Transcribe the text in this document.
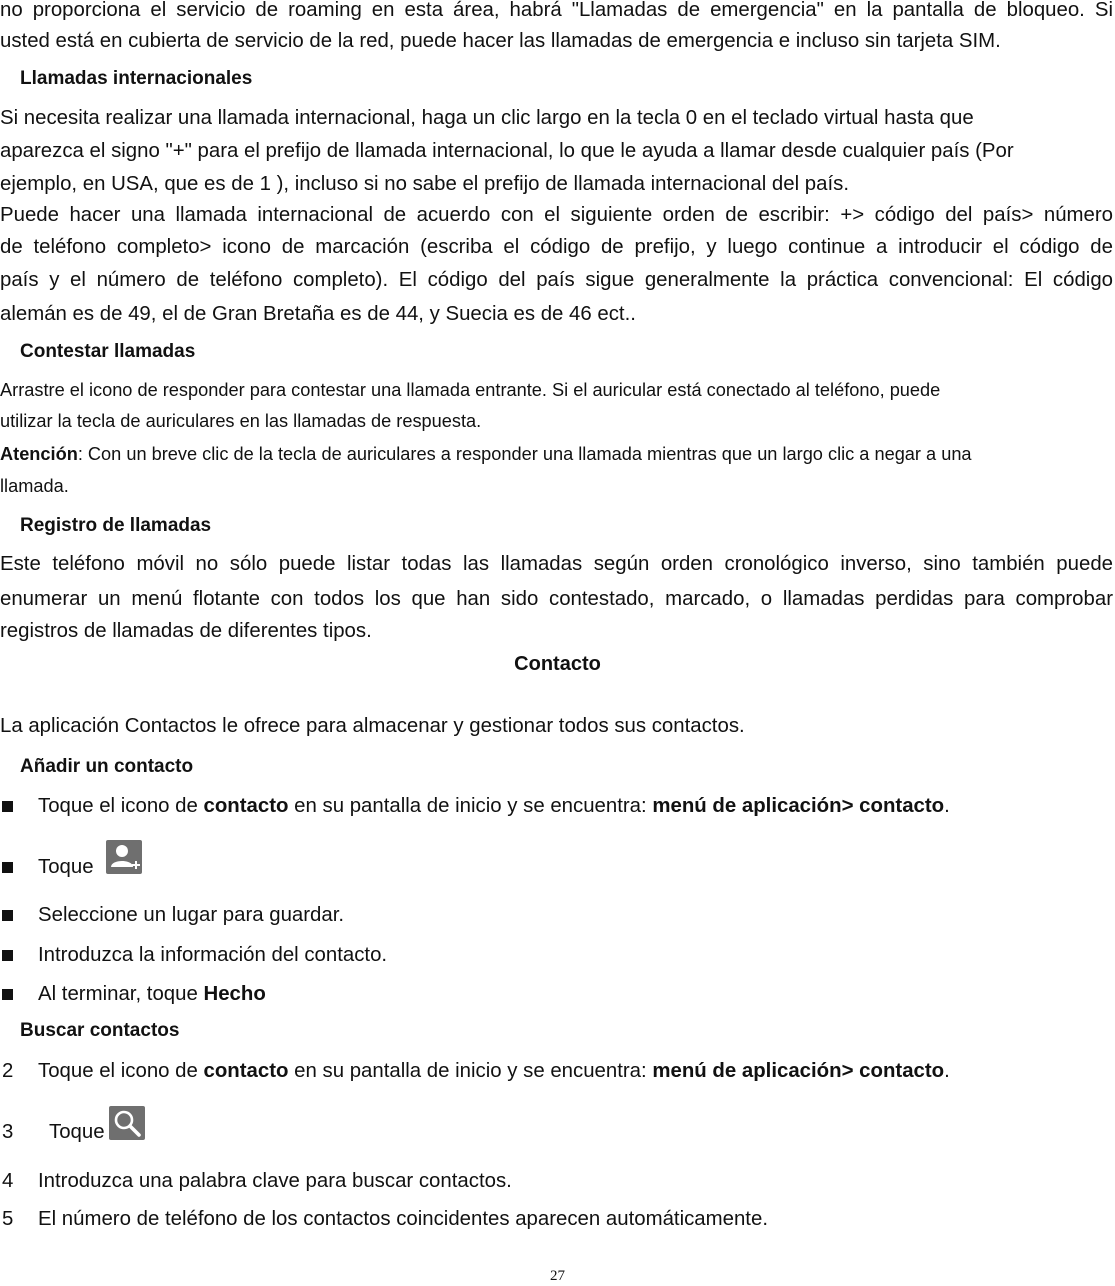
no proporciona el servicio de roaming en esta área, habrá "Llamadas de emergencia" en la pantalla de bloqueo. Si
usted está en cubierta de servicio de la red, puede hacer las llamadas de emergencia e incluso sin tarjeta SIM.
Llamadas internacionales
Si necesita realizar una llamada internacional, haga un clic largo en la tecla 0 en el teclado virtual hasta que
aparezca el signo "+" para el prefijo de llamada internacional, lo que le ayuda a llamar desde cualquier país (Por
ejemplo, en USA, que es de 1 ), incluso si no sabe el prefijo de llamada internacional del país.
Puede hacer una llamada internacional de acuerdo con el siguiente orden de escribir: +> código del país> número
de teléfono completo> icono de marcación (escriba el código de prefijo, y luego continue a introducir el código de
país y el número de teléfono completo). El código del país sigue generalmente la práctica convencional: El código
alemán es de 49, el de Gran Bretaña es de 44, y Suecia es de 46 ect..
Contestar llamadas
Arrastre el icono de responder para contestar una llamada entrante. Si el auricular está conectado al teléfono, puede
utilizar la tecla de auriculares en las llamadas de respuesta.
Atención: Con un breve clic de la tecla de auriculares a responder una llamada mientras que un largo clic a negar a una
llamada.
Registro de llamadas
Este teléfono móvil no sólo puede listar todas las llamadas según orden cronológico inverso, sino también puede
enumerar un menú flotante con todos los que han sido contestado, marcado, o llamadas perdidas para comprobar
registros de llamadas de diferentes tipos.
Contacto
La aplicación Contactos le ofrece para almacenar y gestionar todos sus contactos.
Añadir un contacto
Toque el icono de contacto en su pantalla de inicio y se encuentra: menú de aplicación> contacto.
Toque
Seleccione un lugar para guardar.
Introduzca la información del contacto.
Al terminar, toque Hecho
Buscar contactos
2 Toque el icono de contacto en su pantalla de inicio y se encuentra: menú de aplicación> contacto.
3 Toque
4 Introduzca una palabra clave para buscar contactos.
5 El número de teléfono de los contactos coincidentes aparecen automáticamente.
27
